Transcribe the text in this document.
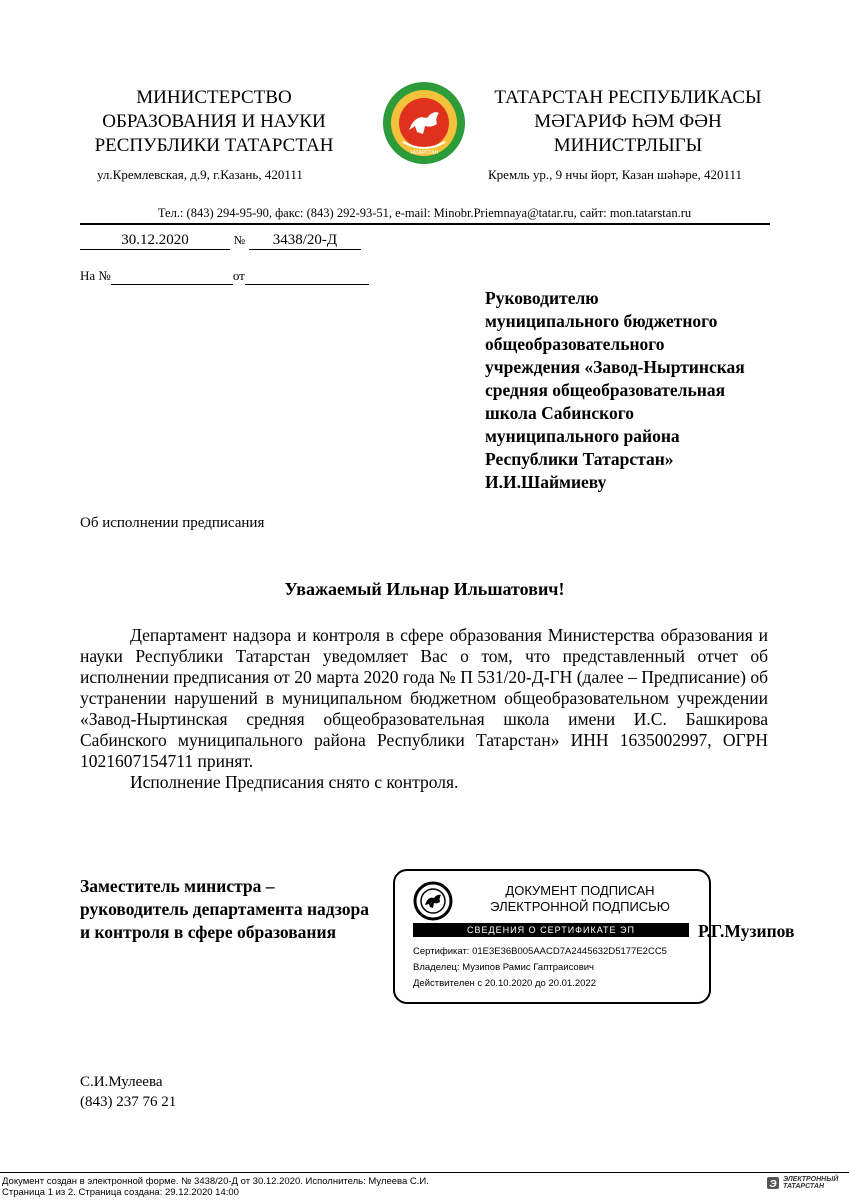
МИНИСТЕРСТВО
ОБРАЗОВАНИЯ И НАУКИ
РЕСПУБЛИКИ ТАТАРСТАН	ТАТАРСТАН
ТАТАРСТАН РЕСПУБЛИКАСЫ
МӘГАРИФ ҺӘМ ФӘН
МИНИСТРЛЫГЫ
ул.Кремлевская, д.9, г.Казань, 420111	Кремль ур., 9 нчы йорт, Казан шәһәре, 420111
Тел.: (843) 294-95-90, факс: (843) 292-93-51, e-mail: Minobr.Priemnaya@tatar.ru, сайт: mon.tatarstan.ru
30.12.2020	№ 3438/20-Д
На №	от
Руководителю
муниципального бюджетного
общеобразовательного
учреждения «Завод-Ныртинская
средняя общеобразовательная
школа Сабинского
муниципального района
Республики Татарстан»
И.И.Шаймиеву
Об исполнении предписания
Уважаемый Ильнар Ильшатович!

Департамент надзора и контроля в сфере образования Министерства образования и науки Республики Татарстан уведомляет Вас о том, что представленный отчет об исполнении предписания от 20 марта 2020 года № П 531/20-Д-ГН (далее – Предписание) об устранении нарушений в муниципальном бюджетном общеобразовательном учреждении «Завод-Ныртинская средняя общеобразовательная школа имени И.С. Башкирова Сабинского муниципального района Республики Татарстан» ИНН 1635002997, ОГРН 1021607154711 принят.

Исполнение Предписания снято с контроля.

Заместитель министра –
руководитель департамента надзора
и контроля в сфере образования
ДОКУМЕНТ ПОДПИСАН
ЭЛЕКТРОННОЙ ПОДПИСЬЮ
СВЕДЕНИЯ О СЕРТИФИКАТЕ ЭП
Сертификат: 01E3E36B005AACD7A2445632D5177E2CC5
Владелец: Музипов Рамис Гаптраисович
Действителен с 20.10.2020 до 20.01.2022
Р.Г.Музипов
С.И.Мулеева
(843) 237 76 21
Документ создан в электронной форме. № 3438/20-Д от 30.12.2020. Исполнитель: Мулеева С.И.
Страница 1 из 2. Страница создана: 29.12.2020 14:00
Э ЭЛЕКТРОННЫЙ
ТАТАРСТАН
